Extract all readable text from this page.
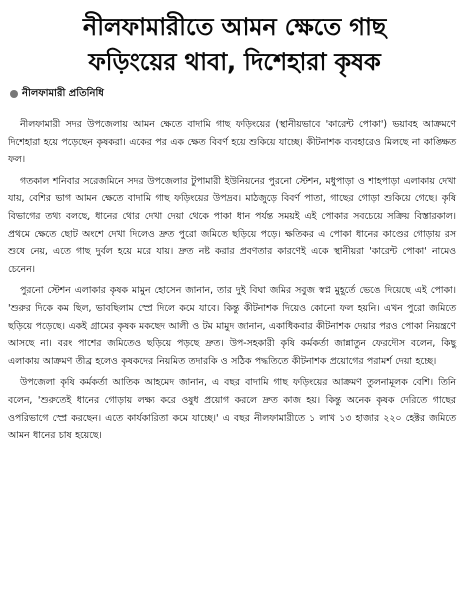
নীলফামারীতে আমন ক্ষেতে গাছ
ফড়িংয়ের থাবা, দিশেহারা কৃষক
নীলফামারী প্রতিনিধি

নীলফামারী সদর উপজেলায় আমন ক্ষেতে বাদামি গাছ ফড়িংয়ের (স্থানীয়ভাবে 'কারেন্ট পোকা') ভয়াবহ আক্রমণে দিশেহারা হয়ে পড়েছেন কৃষকরা। একের পর এক ক্ষেত বিবর্ণ হয়ে শুকিয়ে যাচ্ছে। কীটনাশক ব্যবহারেও মিলছে না কাঙ্ক্ষিত ফল।

গতকাল শনিবার সরেজমিনে সদর উপজেলার টুপামারী ইউনিয়নের পুরনো স্টেশন, মধুপাড়া ও শাহপাড়া এলাকায় দেখা যায়, বেশির ভাগ আমন ক্ষেতে বাদামি গাছ ফড়িংয়ের উপদ্রব। মাঠজুড়ে বিবর্ণ পাতা, গাছের গোড়া শুকিয়ে গেছে। কৃষি বিভাগের তথ্য বলছে, ধানের থোর দেখা দেয়া থেকে পাকা ধান পর্যন্ত সময়ই এই পোকার সবচেয়ে সক্রিয় বিস্তারকাল। প্রথমে ক্ষেতে ছোট অংশে দেখা দিলেও দ্রুত পুরো জমিতে ছড়িয়ে পড়ে। ক্ষতিকর এ পোকা ধানের কাণ্ডের গোড়ায় রস শুষে নেয়, এতে গাছ দুর্বল হয়ে মরে যায়। দ্রুত নষ্ট করার প্রবণতার কারণেই একে স্থানীয়রা 'কারেন্ট পোকা' নামেও চেনেন।

পুরনো স্টেশন এলাকার কৃষক মামুন হোসেন জানান, তার দুই বিঘা জমির সবুজ স্বপ্ন মুহূর্তে ভেঙে দিয়েছে এই পোকা। 'শুরুর দিকে কম ছিল, ভাবছিলাম স্প্রে দিলে কমে যাবে। কিন্তু কীটনাশক দিয়েও কোনো ফল হয়নি। এখন পুরো জমিতে ছড়িয়ে পড়েছে। একই গ্রামের কৃষক মকছেদ আলী ও টম মামুদ জানান, একাধিকবার কীটনাশক দেয়ার পরও পোকা নিয়ন্ত্রণে আসছে না। বরং পাশের জমিতেও ছড়িয়ে পড়ছে দ্রুত। উপ-সহকারী কৃষি কর্মকর্তা জান্নাতুন ফেরদৌস বলেন, কিছু এলাকায় আক্রমণ তীব্র হলেও কৃষকদের নিয়মিত তদারকি ও সঠিক পদ্ধতিতে কীটনাশক প্রয়োগের পরামর্শ দেয়া হচ্ছে।

উপজেলা কৃষি কর্মকর্তা আতিক আহমেদ জানান, এ বছর বাদামি গাছ ফড়িংয়ের আক্রমণ তুলনামূলক বেশি। তিনি বলেন, 'শুরুতেই ধানের গোড়ায় লক্ষ্য করে ওষুধ প্রয়োগ করলে দ্রুত কাজ হয়। কিন্তু অনেক কৃষক দেরিতে গাছের ওপরিভাগে স্প্রে করছেন। এতে কার্যকারিতা কমে যাচ্ছে।' এ বছর নীলফামারীতে ১ লাখ ১৩ হাজার ২২০ হেক্টর জমিতে আমন ধানের চাষ হয়েছে।
